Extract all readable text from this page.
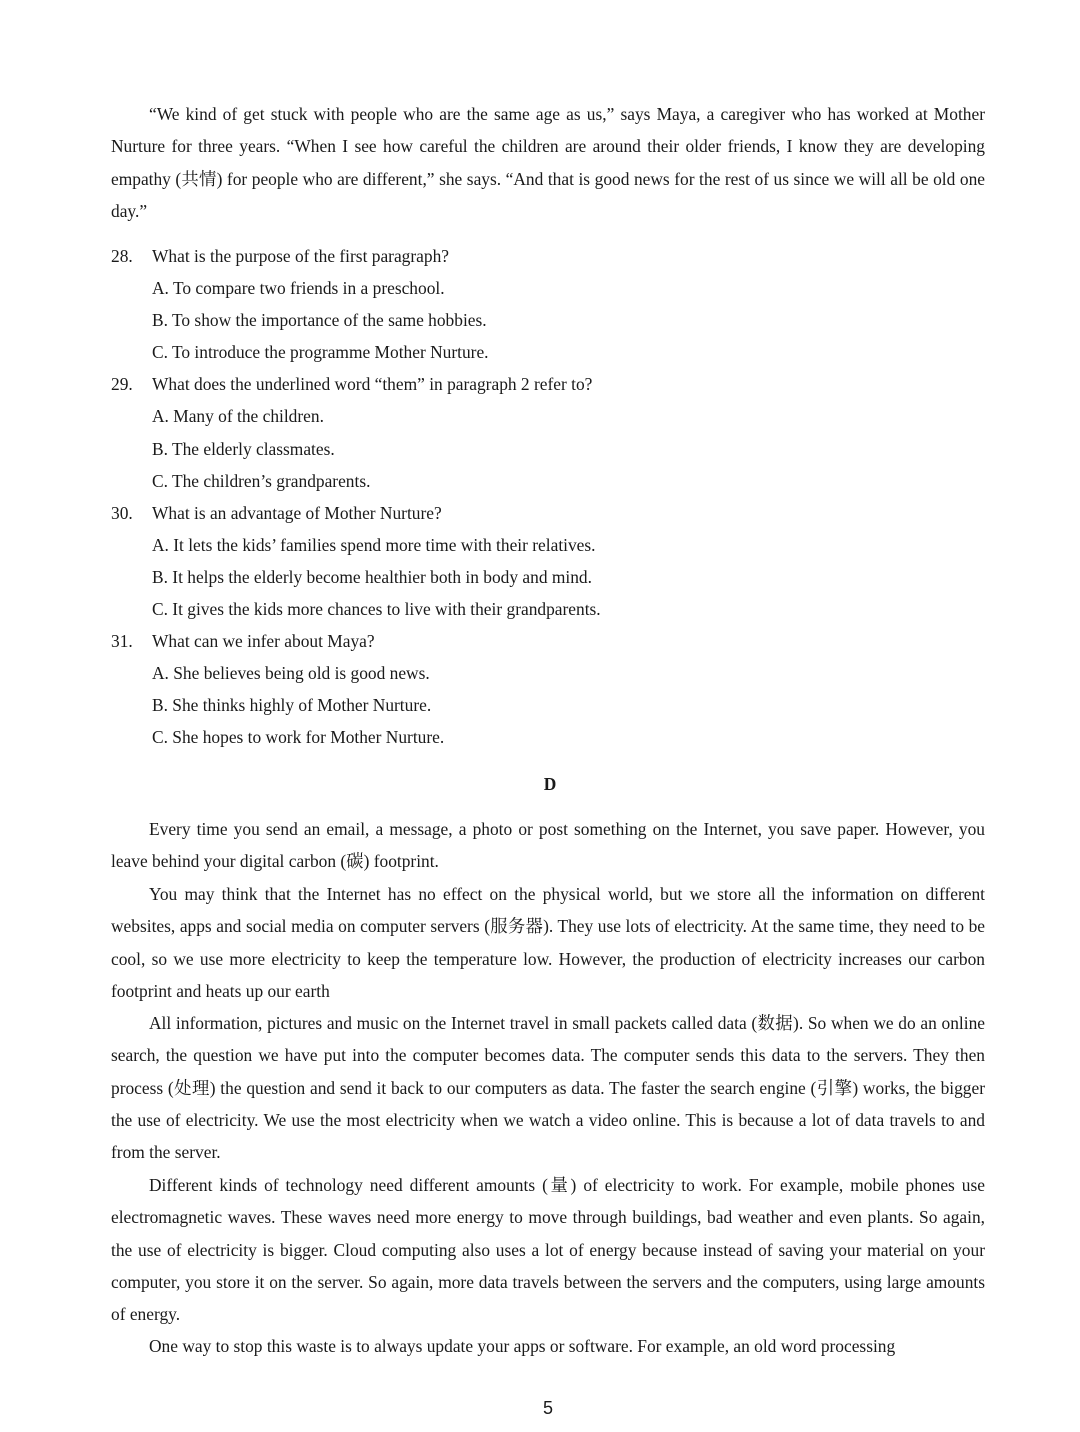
“We kind of get stuck with people who are the same age as us,” says Maya, a caregiver who has worked at Mother Nurture for three years. “When I see how careful the children are around their older friends, I know they are developing empathy (共情) for people who are different,” she says. “And that is good news for the rest of us since we will all be old one day.”

28. What is the purpose of the first paragraph?

A. To compare two friends in a preschool.

B. To show the importance of the same hobbies.

C. To introduce the programme Mother Nurture.

29. What does the underlined word “them” in paragraph 2 refer to?

A. Many of the children.

B. The elderly classmates.

C. The children’s grandparents.

30. What is an advantage of Mother Nurture?

A. It lets the kids’ families spend more time with their relatives.

B. It helps the elderly become healthier both in body and mind.

C. It gives the kids more chances to live with their grandparents.

31. What can we infer about Maya?

A. She believes being old is good news.

B. She thinks highly of Mother Nurture.

C. She hopes to work for Mother Nurture.

D

Every time you send an email, a message, a photo or post something on the Internet, you save paper. However, you leave behind your digital carbon (碳) footprint.

You may think that the Internet has no effect on the physical world, but we store all the information on different websites, apps and social media on computer servers (服务器). They use lots of electricity. At the same time, they need to be cool, so we use more electricity to keep the temperature low. However, the production of electricity increases our carbon footprint and heats up our earth

All information, pictures and music on the Internet travel in small packets called data (数据). So when we do an online search, the question we have put into the computer becomes data. The computer sends this data to the servers. They then process (处理) the question and send it back to our computers as data. The faster the search engine (引擎) works, the bigger the use of electricity. We use the most electricity when we watch a video online. This is because a lot of data travels to and from the server.

Different kinds of technology need different amounts (量) of electricity to work. For example, mobile phones use electromagnetic waves. These waves need more energy to move through buildings, bad weather and even plants. So again, the use of electricity is bigger. Cloud computing also uses a lot of energy because instead of saving your material on your computer, you store it on the server. So again, more data travels between the servers and the computers, using large amounts of energy.

One way to stop this waste is to always update your apps or software. For example, an old word processing

5
